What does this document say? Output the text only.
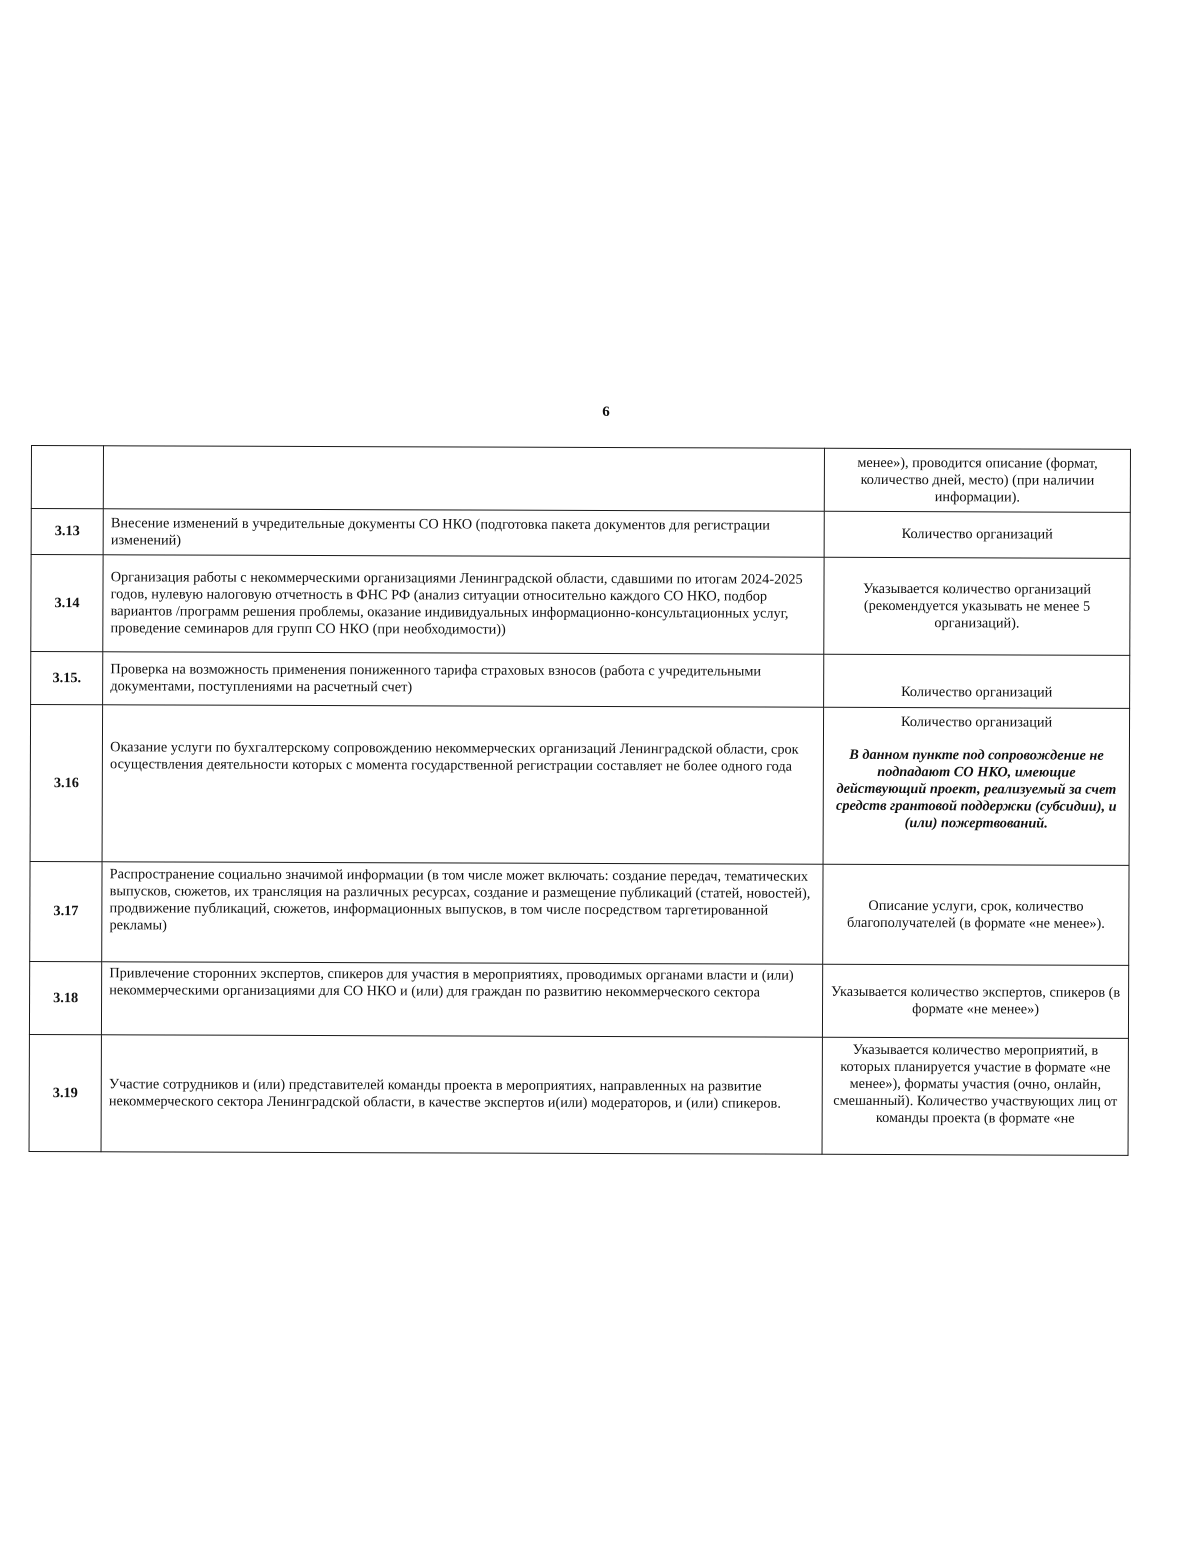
6
		менее»), проводится описание (формат, количество дней, место) (при наличии информации).
3.13	Внесение изменений в учредительные документы СО НКО (подготовка пакета документов для регистрации изменений)	Количество организаций
3.14	Организация работы с некоммерческими организациями Ленинградской области, сдавшими по итогам 2024-2025 годов, нулевую налоговую отчетность в ФНС РФ (анализ ситуации относительно каждого СО НКО, подбор вариантов /программ решения проблемы, оказание индивидуальных информационно-консультационных услуг, проведение семинаров для групп СО НКО (при необходимости))	Указывается количество организаций (рекомендуется указывать не менее 5 организаций).
3.15.	Проверка на возможность применения пониженного тарифа страховых взносов (работа с учредительными документами, поступлениями на расчетный счет)	Количество организаций
3.16	Оказание услуги по бухгалтерскому сопровождению некоммерческих организаций Ленинградской области, срок осуществления деятельности которых с момента государственной регистрации составляет не более одного года	Количество организаций
В данном пункте под сопровождение не подпадают СО НКО, имеющие действующий проект, реализуемый за счет средств грантовой поддержки (субсидии), и (или) пожертвований.

3.17	Распространение социально значимой информации (в том числе может включать: создание передач, тематических выпусков, сюжетов, их трансляция на различных ресурсах, создание и размещение публикаций (статей, новостей), продвижение публикаций, сюжетов, информационных выпусков, в том числе посредством таргетированной рекламы)	Описание услуги, срок, количество благополучателей (в формате «не менее»).
3.18	Привлечение сторонних экспертов, спикеров для участия в мероприятиях, проводимых органами власти и (или) некоммерческими организациями для СО НКО и (или) для граждан по развитию некоммерческого сектора	Указывается количество экспертов, спикеров (в формате «не менее»)
3.19	Участие сотрудников и (или) представителей команды проекта в мероприятиях, направленных на развитие некоммерческого сектора Ленинградской области, в качестве экспертов и(или) модераторов, и (или) спикеров.	Указывается количество мероприятий, в которых планируется участие в формате «не менее»), форматы участия (очно, онлайн, смешанный). Количество участвующих лиц от команды проекта (в формате «не
